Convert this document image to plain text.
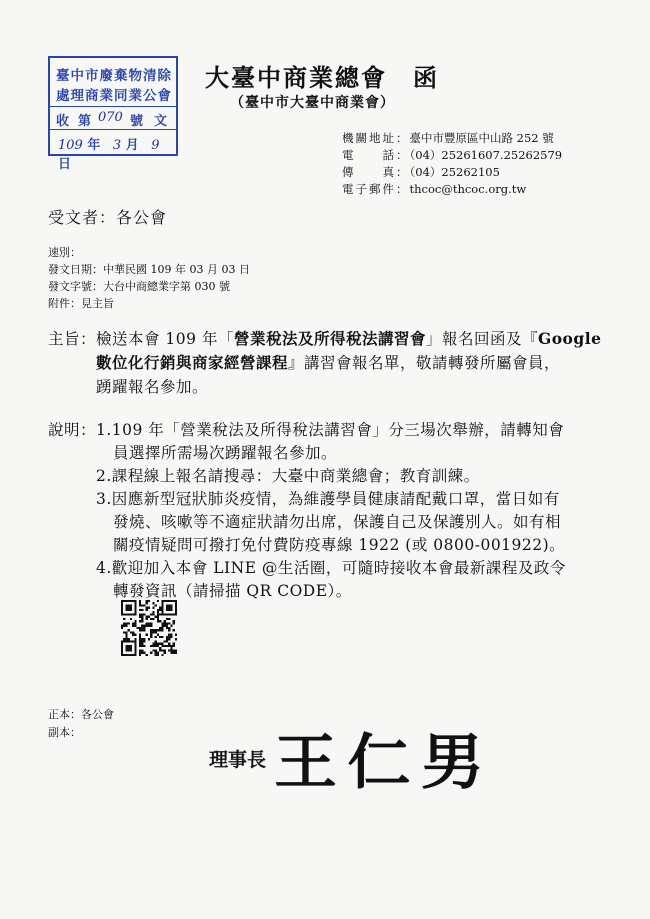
臺中市廢棄物清除
處理商業同業公會
收 第 070 號 文
109 年 3 月 9 日
大臺中商業總會　函
（臺中市大臺中商業會）
機關地址 ： 臺中市豐原區中山路 252 號
電話 ： （04）25261607.25262579
傳真 ： （04）25262105
電子郵件 ： thcoc@thcoc.org.tw
受文者：各公會
速別：
發文日期：中華民國 109 年 03 月 03 日
發文字號：大台中商總業字第 030 號
附件：見主旨
主旨： 檢送本會 109 年「營業稅法及所得稅法講習會」報名回函及『Google
數位化行銷與商家經營課程』講習會報名單，敬請轉發所屬會員，
踴躍報名參加。
說明： 1.109 年「營業稅法及所得稅法講習會」分三場次舉辦，請轉知會
員選擇所需場次踴躍報名參加。
2.課程線上報名請搜尋：大臺中商業總會；教育訓練。
3.因應新型冠狀肺炎疫情，為維護學員健康請配戴口罩，當日如有
發燒、咳嗽等不適症狀請勿出席，保護自己及保護別人。如有相
關疫情疑問可撥打免付費防疫專線 1922 (或 0800-001922)。
4.歡迎加入本會 LINE @生活圈，可隨時接收本會最新課程及政令
轉發資訊（請掃描 QR CODE）。
正本：各公會
副本：
理事長 王仁男
